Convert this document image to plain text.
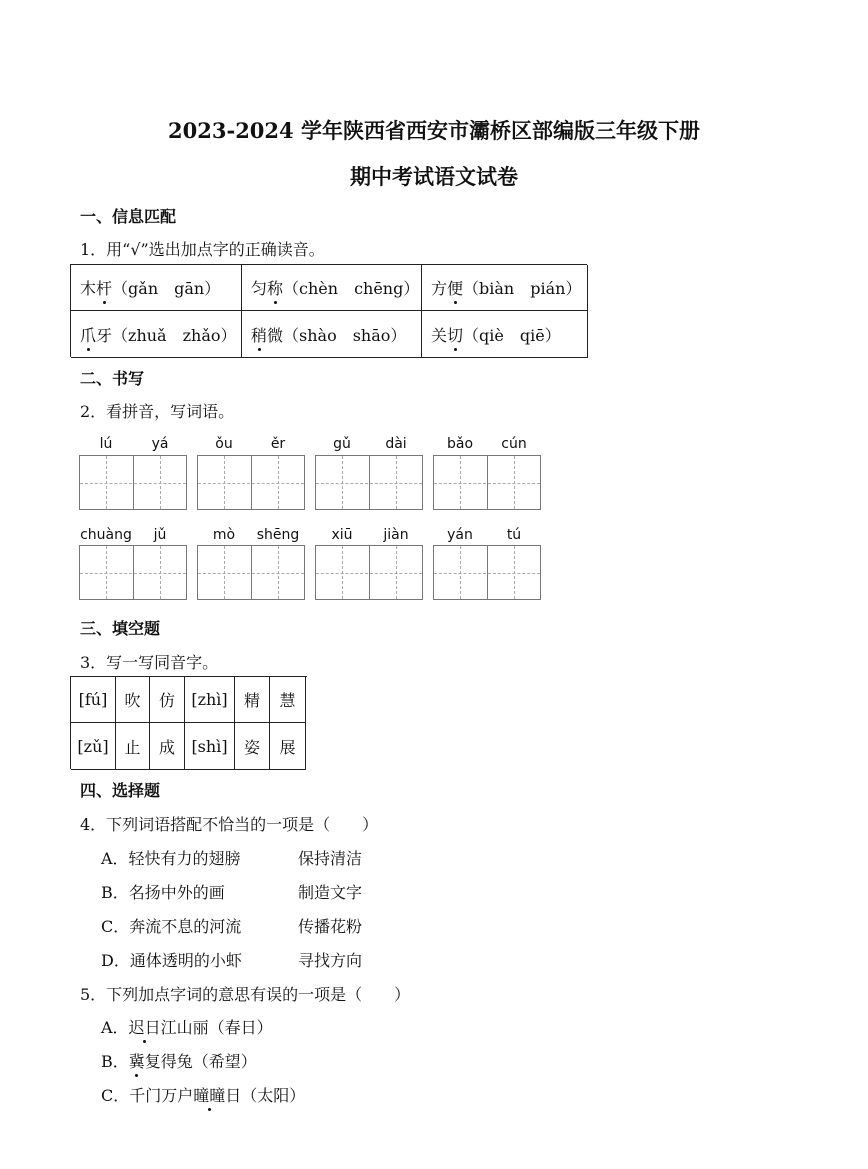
2023-2024 学年陕西省西安市灞桥区部编版三年级下册
期中考试语文试卷
一、信息匹配
1．用“√”选出加点字的正确读音。
木 杆 （gǎn　gān） 匀 称 （chèn　chēng） 方 便 （biàn　pián）
爪 牙（zhuǎ　zhǎo） 稍 微（shào　shāo） 关 切 （qiè　qiē）
二、书写
2．看拼音，写词语。
lú	yá	ǒu	ěr	gǔ	dài	bǎo	cún
chuàng	jǔ	mò	shēng	xiū	jiàn	yán	tú
三、填空题
3．写一写同音字。
[fú]	吹	仿	[zhì]	精	慧
[zǔ] 止	成	[shì]	姿	展
四、选择题
4．下列词语搭配不恰当的一项是（　　）
A．轻快有力的翅膀	保持清洁
B．名扬中外的画	制造文字
C．奔流不息的河流	传播花粉
D．通体透明的小虾	寻找方向
5．下列加点字词的意思有误的一项是（　　）
A．迟日江山丽（春日）
B．冀复得兔（希望）
C．千门万户曈曈日（太阳）
